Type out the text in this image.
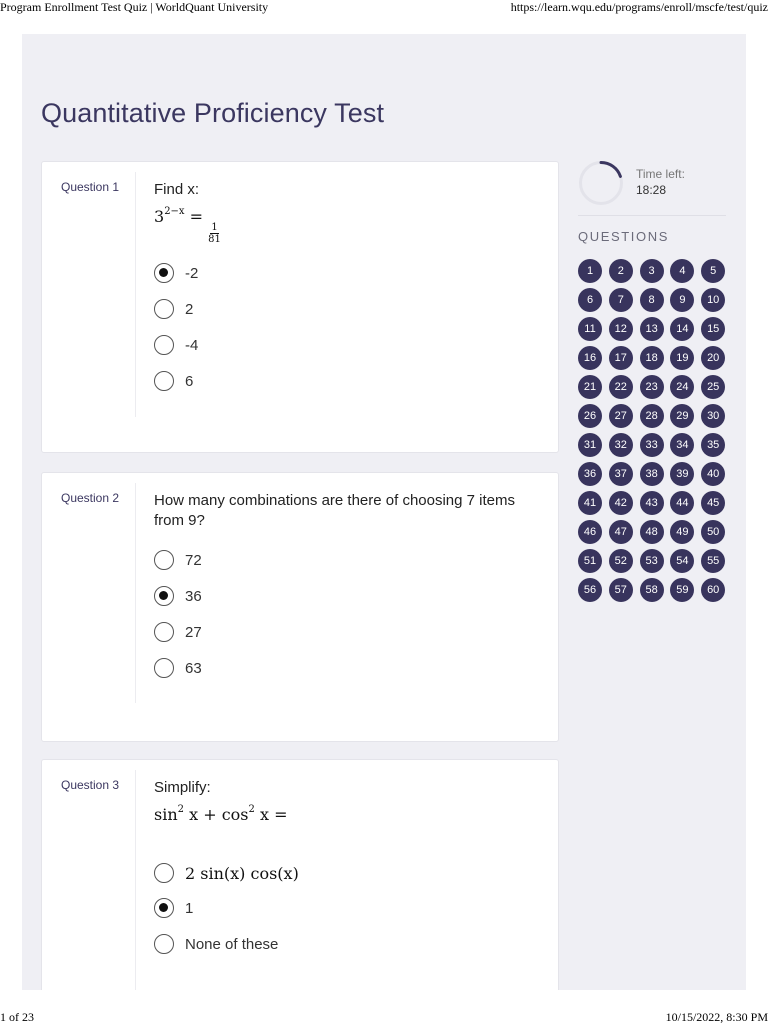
Program Enrollment Test Quiz | WorldQuant University	https://learn.wqu.edu/programs/enroll/mscfe/test/quiz
Quantitative Proficiency Test
Question 1 Find x:
$3^{2-x}$ =
$\frac{1}{81}$
-2
2
-4
6
Question 2 How many combinations are there of choosing 7 items from 9?
72
36
27
63
Question 3 Simplify:
$\sin^2 x + \cos^2 x$ =
2 sin(x) cos(x)
1
None of these
Time left:
18:28
QUESTIONS
1	2	3	4	5
6	7	8	9	10
11	12	13	14	15
16	17	18	19	20
21	22	23	24	25
26	27	28	29	30
31	32	33	34	35
36	37	38	39	40
41	42	43	44	45
46	47	48	49	50
51	52	53	54	55
56	57	58	59	60
1 of 23	10/15/2022, 8:30 PM
